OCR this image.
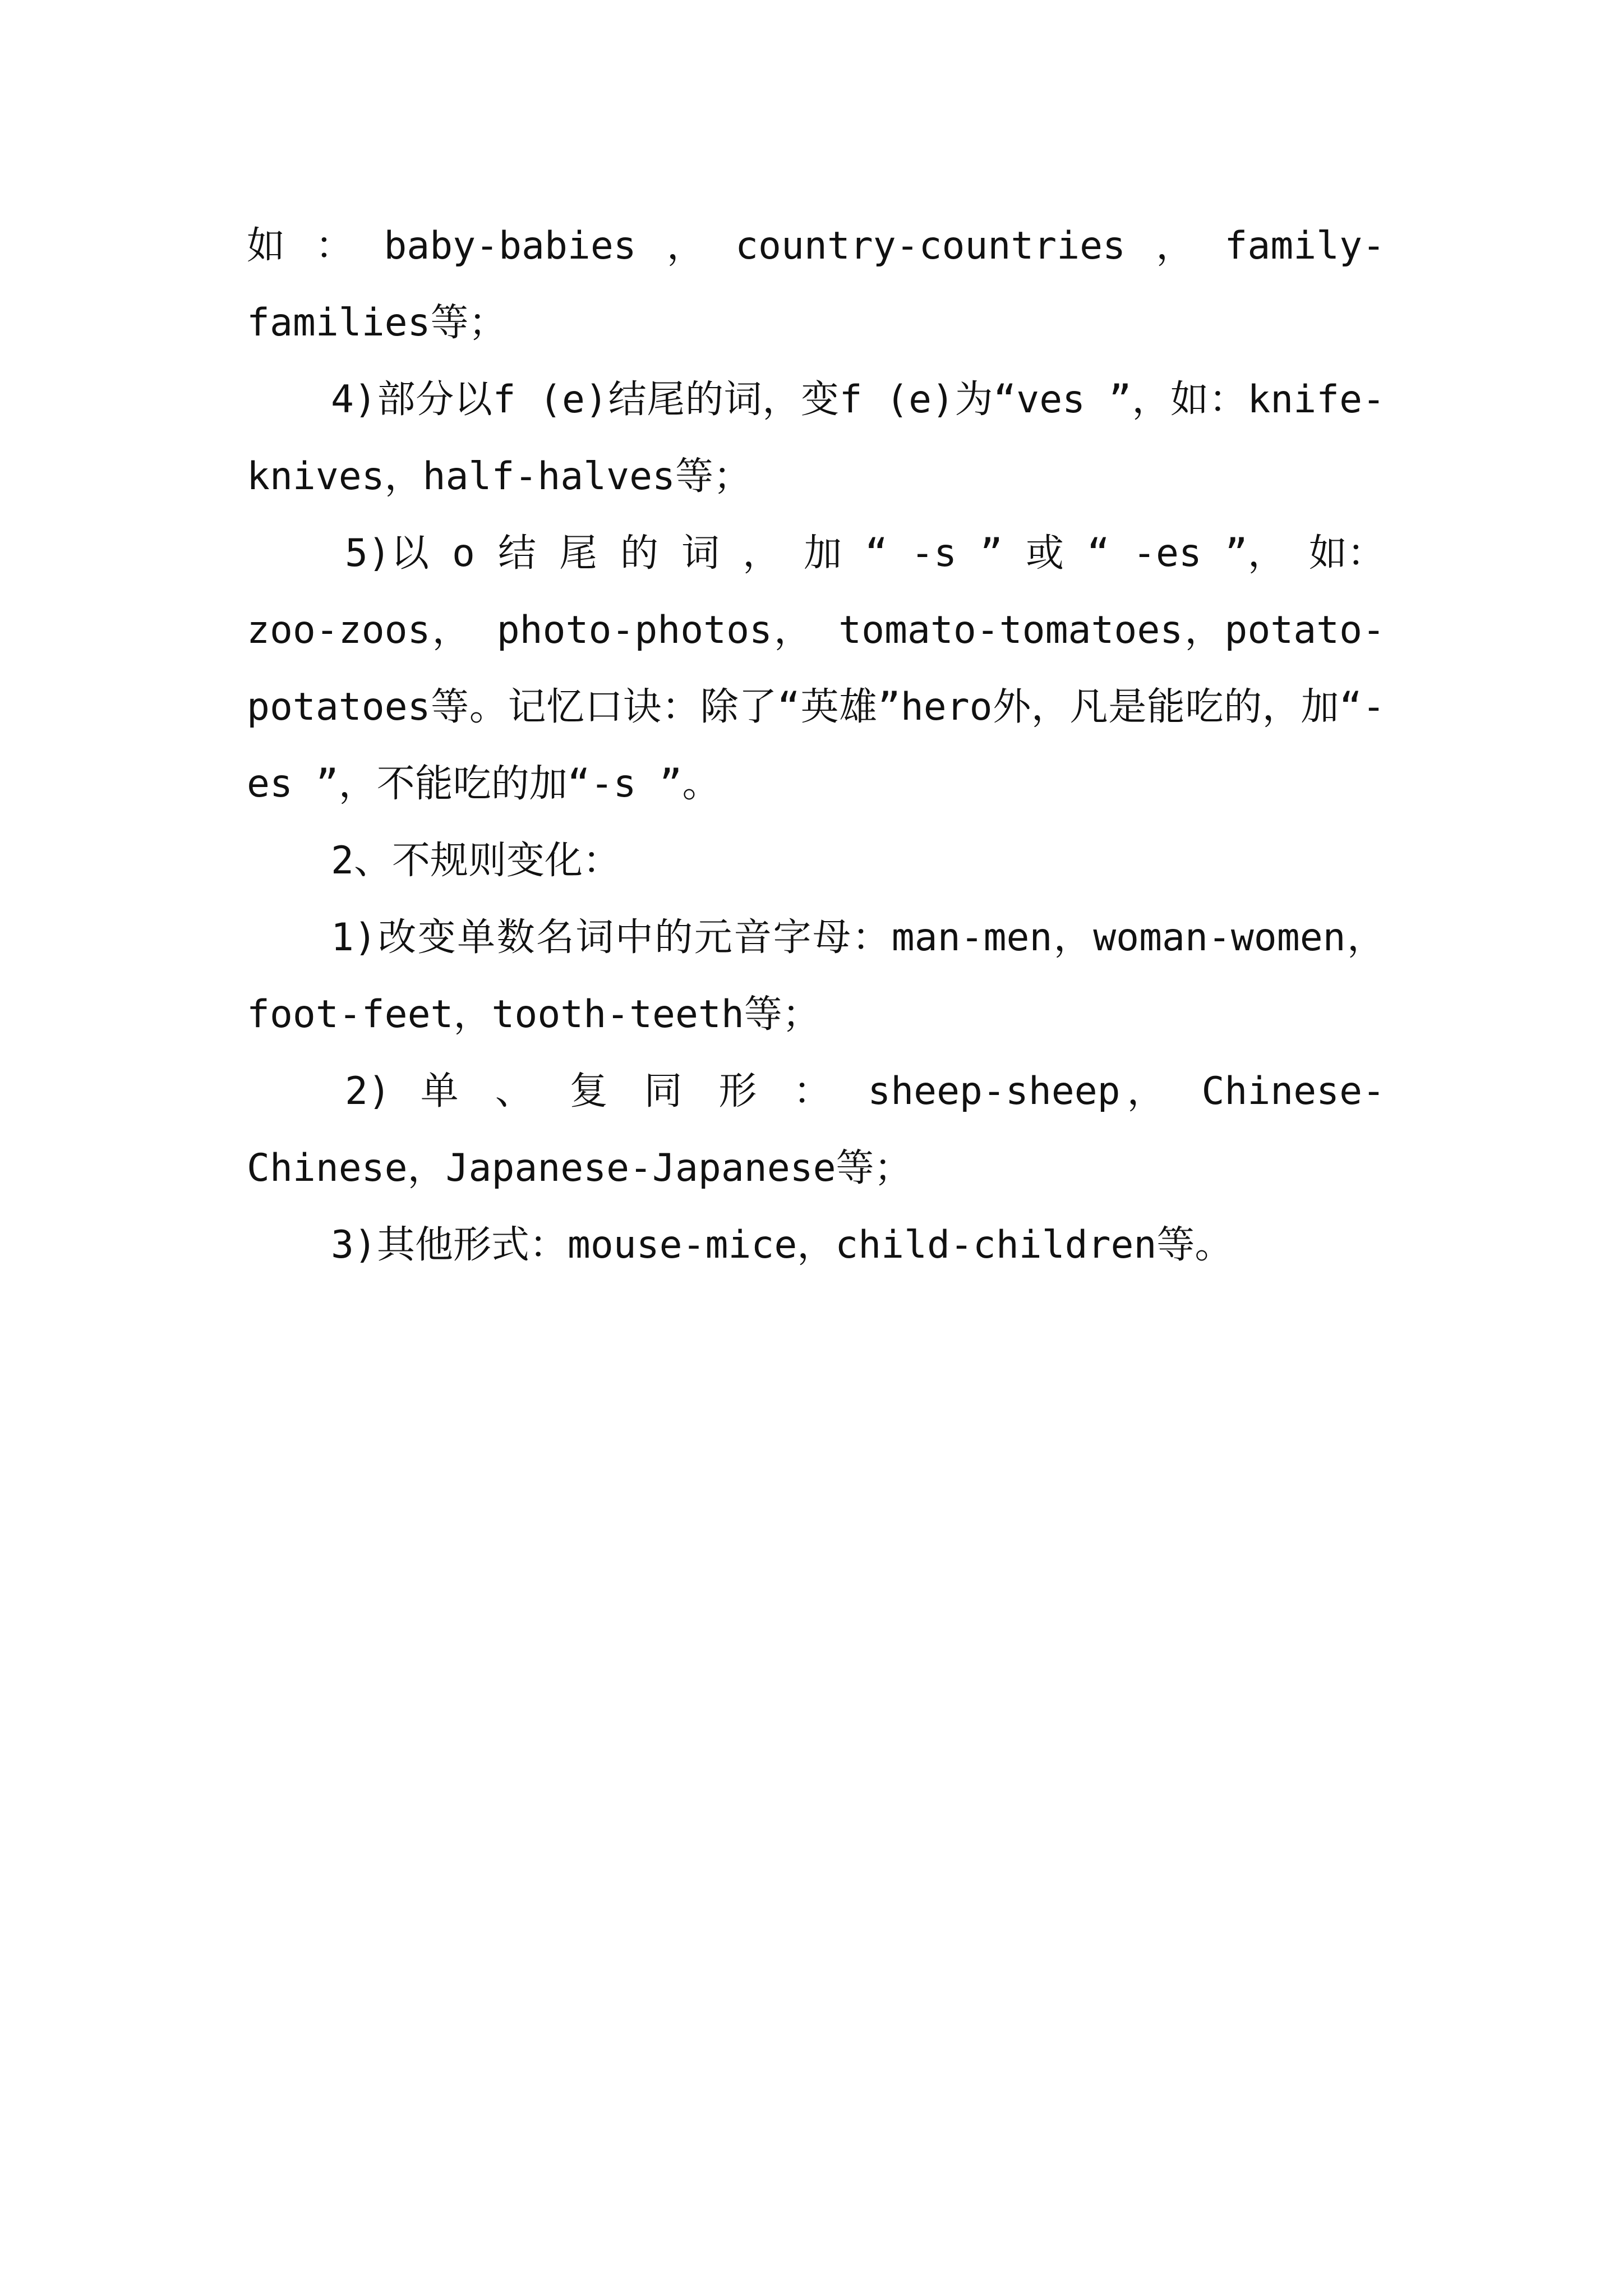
如：baby-babies，country-countries，family-families等；

4)部分以f (e)结尾的词，变f (e)为“ves ”，如：knife-knives，half-halves等；

5)以 o 结 尾 的 词 ， 加 “ -s ” 或 “ -es ”， 如：zoo-zoos， photo-photos， tomato-tomatoes，potato-potatoes等。记忆口诀：除了“英雄”hero外，凡是能吃的，加“-es ”，不能吃的加“-s ”。

2、不规则变化：

1)改变单数名词中的元音字母：man-men，woman-women，foot-feet，tooth-teeth等；

2) 单 、 复 同 形 ： sheep-sheep， Chinese-Chinese，Japanese-Japanese等；

3)其他形式：mouse-mice，child-children等。
